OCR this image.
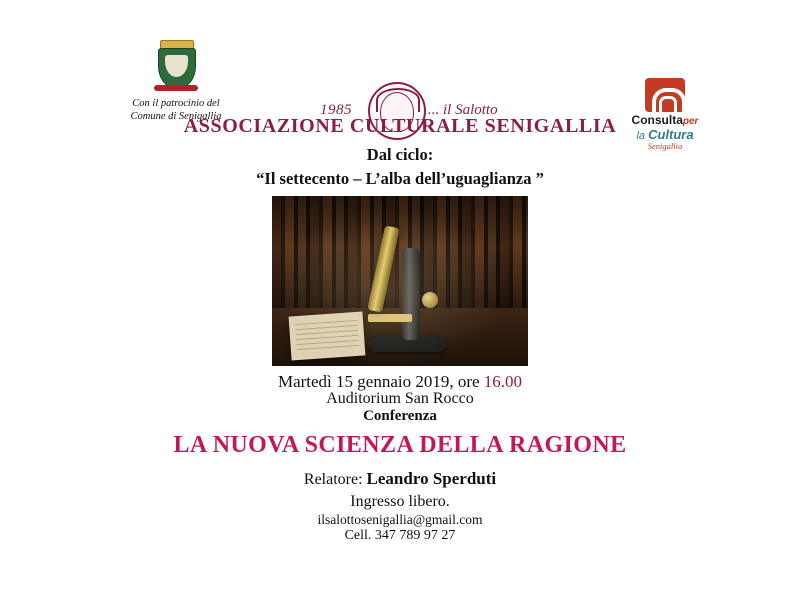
Con il patrocinio del
Comune di Senigallia	1985	... il Salotto
Consultaper
la Cultura
Senigallia
ASSOCIAZIONE CULTURALE SENIGALLIA
Dal ciclo:
“Il settecento – L’alba dell’uguaglianza ”
Martedì 15 gennaio 2019, ore 16.00
Auditorium San Rocco
Conferenza
LA NUOVA SCIENZA DELLA RAGIONE
Relatore: Leandro Sperduti
Ingresso libero.
ilsalottosenigallia@gmail.com
Cell. 347 789 97 27
